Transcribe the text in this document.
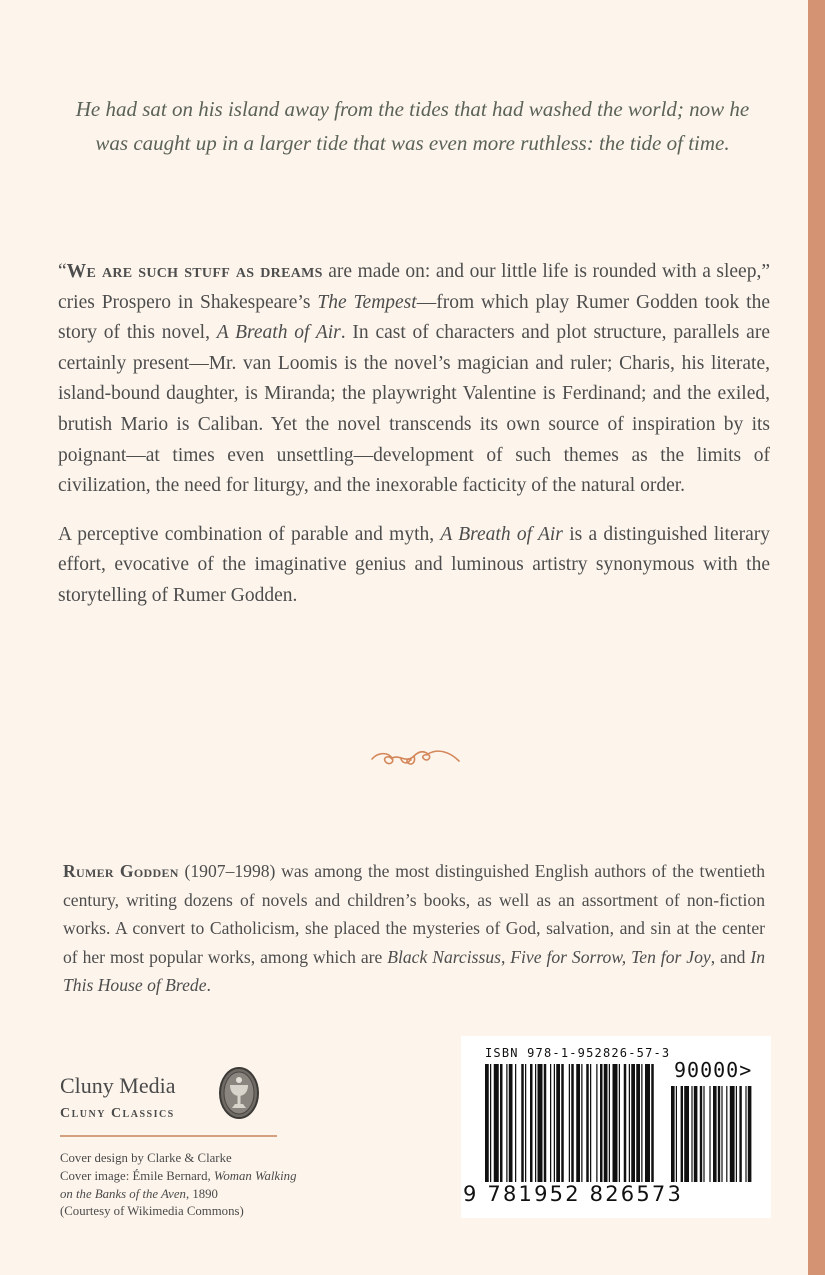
He had sat on his island away from the tides that had washed the world; now he

was caught up in a larger tide that was even more ruthless: the tide of time.

“We are such stuff as dreams are made on: and our little life is rounded with a sleep,” cries Prospero in Shakespeare’s The Tempest—from which play Rumer Godden took the story of this novel, A Breath of Air. In cast of characters and plot structure, parallels are certainly present—Mr. van Loomis is the novel’s magician and ruler; Charis, his literate, island-bound daughter, is Miranda; the playwright Valentine is Ferdinand; and the exiled, brutish Mario is Caliban. Yet the novel transcends its own source of inspiration by its poignant—at times even unsettling—development of such themes as the limits of civilization, the need for liturgy, and the inexorable facticity of the natural order.

A perceptive combination of parable and myth, A Breath of Air is a distinguished literary effort, evocative of the imaginative genius and luminous artistry synonymous with the storytelling of Rumer Godden.

Rumer Godden (1907–1998) was among the most distinguished English authors of the twentieth century, writing dozens of novels and children’s books, as well as an assortment of non-fiction works. A convert to Catholicism, she placed the mysteries of God, salvation, and sin at the center of her most popular works, among which are Black Narcissus, Five for Sorrow, Ten for Joy, and In This House of Brede.

Cluny Media
Cluny Classics
Cover design by Clarke & Clarke
Cover image: Émile Bernard, Woman Walking
on the Banks of the Aven, 1890
(Courtesy of Wikimedia Commons)
ISBN 978-1-952826-57-3
90000>
9 781952 826573
